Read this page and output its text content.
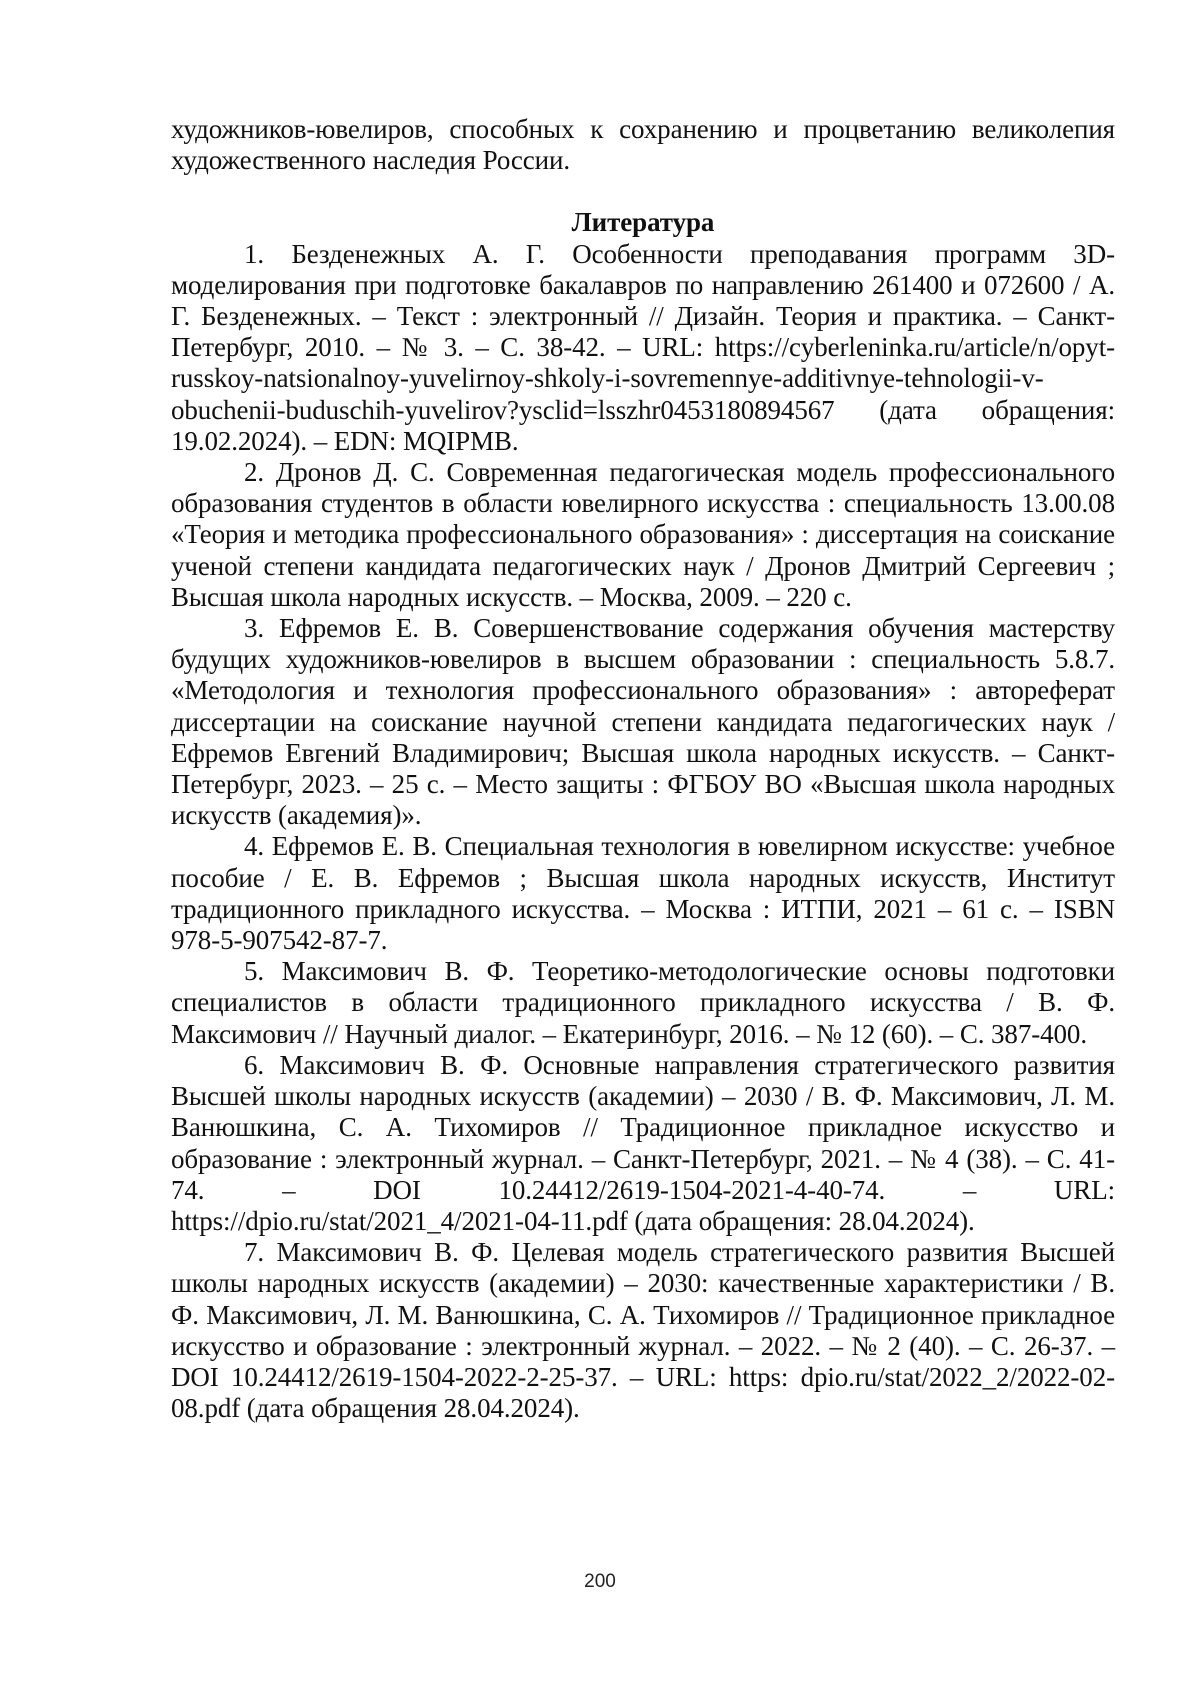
художников-ювелиров, способных к сохранению и процветанию великолепия художественного наследия России.

Литература

1. Безденежных А. Г. Особенности преподавания программ 3D-моделирования при подготовке бакалавров по направлению 261400 и 072600 / А. Г. Безденежных. – Текст : электронный // Дизайн. Теория и практика. – Санкт-Петербург, 2010. – № 3. – С. 38-42. – URL: https://cyberleninka.ru/article/n/opyt-russkoy-natsionalnoy-yuvelirnoy-shkoly-i-sovremennye-additivnye-tehnologii-v-obuchenii-buduschih-yuvelirov?ysclid=lsszhr0453180894567 (дата обращения: 19.02.2024). – EDN: MQIPMB.

2. Дронов Д. С. Современная педагогическая модель профессионального образования студентов в области ювелирного искусства : специальность 13.00.08 «Теория и методика профессионального образования» : диссертация на соискание ученой степени кандидата педагогических наук / Дронов Дмитрий Сергеевич ; Высшая школа народных искусств. – Москва, 2009. – 220 с.

3. Ефремов Е. В. Совершенствование содержания обучения мастерству будущих художников-ювелиров в высшем образовании : специальность 5.8.7. «Методология и технология профессионального образования» : автореферат диссертации на соискание научной степени кандидата педагогических наук / Ефремов Евгений Владимирович; Высшая школа народных искусств. – Санкт-Петербург, 2023. – 25 с. – Место защиты : ФГБОУ ВО «Высшая школа народных искусств (академия)».

4. Ефремов Е. В. Специальная технология в ювелирном искусстве: учебное пособие / Е. В. Ефремов ; Высшая школа народных искусств, Институт традиционного прикладного искусства. – Москва : ИТПИ, 2021 – 61 с. – ISBN 978-5-907542-87-7.

5. Максимович В. Ф. Теоретико-методологические основы подготовки специалистов в области традиционного прикладного искусства / В. Ф. Максимович // Научный диалог. – Екатеринбург, 2016. – № 12 (60). – С. 387-400.

6. Максимович В. Ф. Основные направления стратегического развития Высшей школы народных искусств (академии) – 2030 / В. Ф. Максимович, Л. М. Ванюшкина, С. А. Тихомиров // Традиционное прикладное искусство и образование : электронный журнал. – Санкт-Петербург, 2021. – № 4 (38). – С. 41-74. – DOI 10.24412/2619-1504-2021-4-40-74. – URL: https://dpio.ru/stat/2021_4/2021-04-11.pdf (дата обращения: 28.04.2024).

7. Максимович В. Ф. Целевая модель стратегического развития Высшей школы народных искусств (академии) – 2030: качественные характеристики / В. Ф. Максимович, Л. М. Ванюшкина, С. А. Тихомиров // Традиционное прикладное искусство и образование : электронный журнал. – 2022. – № 2 (40). – С. 26-37. – DOI 10.24412/2619-1504-2022-2-25-37. – URL: https: dpio.ru/stat/2022_2/2022-02-08.pdf (дата обращения 28.04.2024).

200
